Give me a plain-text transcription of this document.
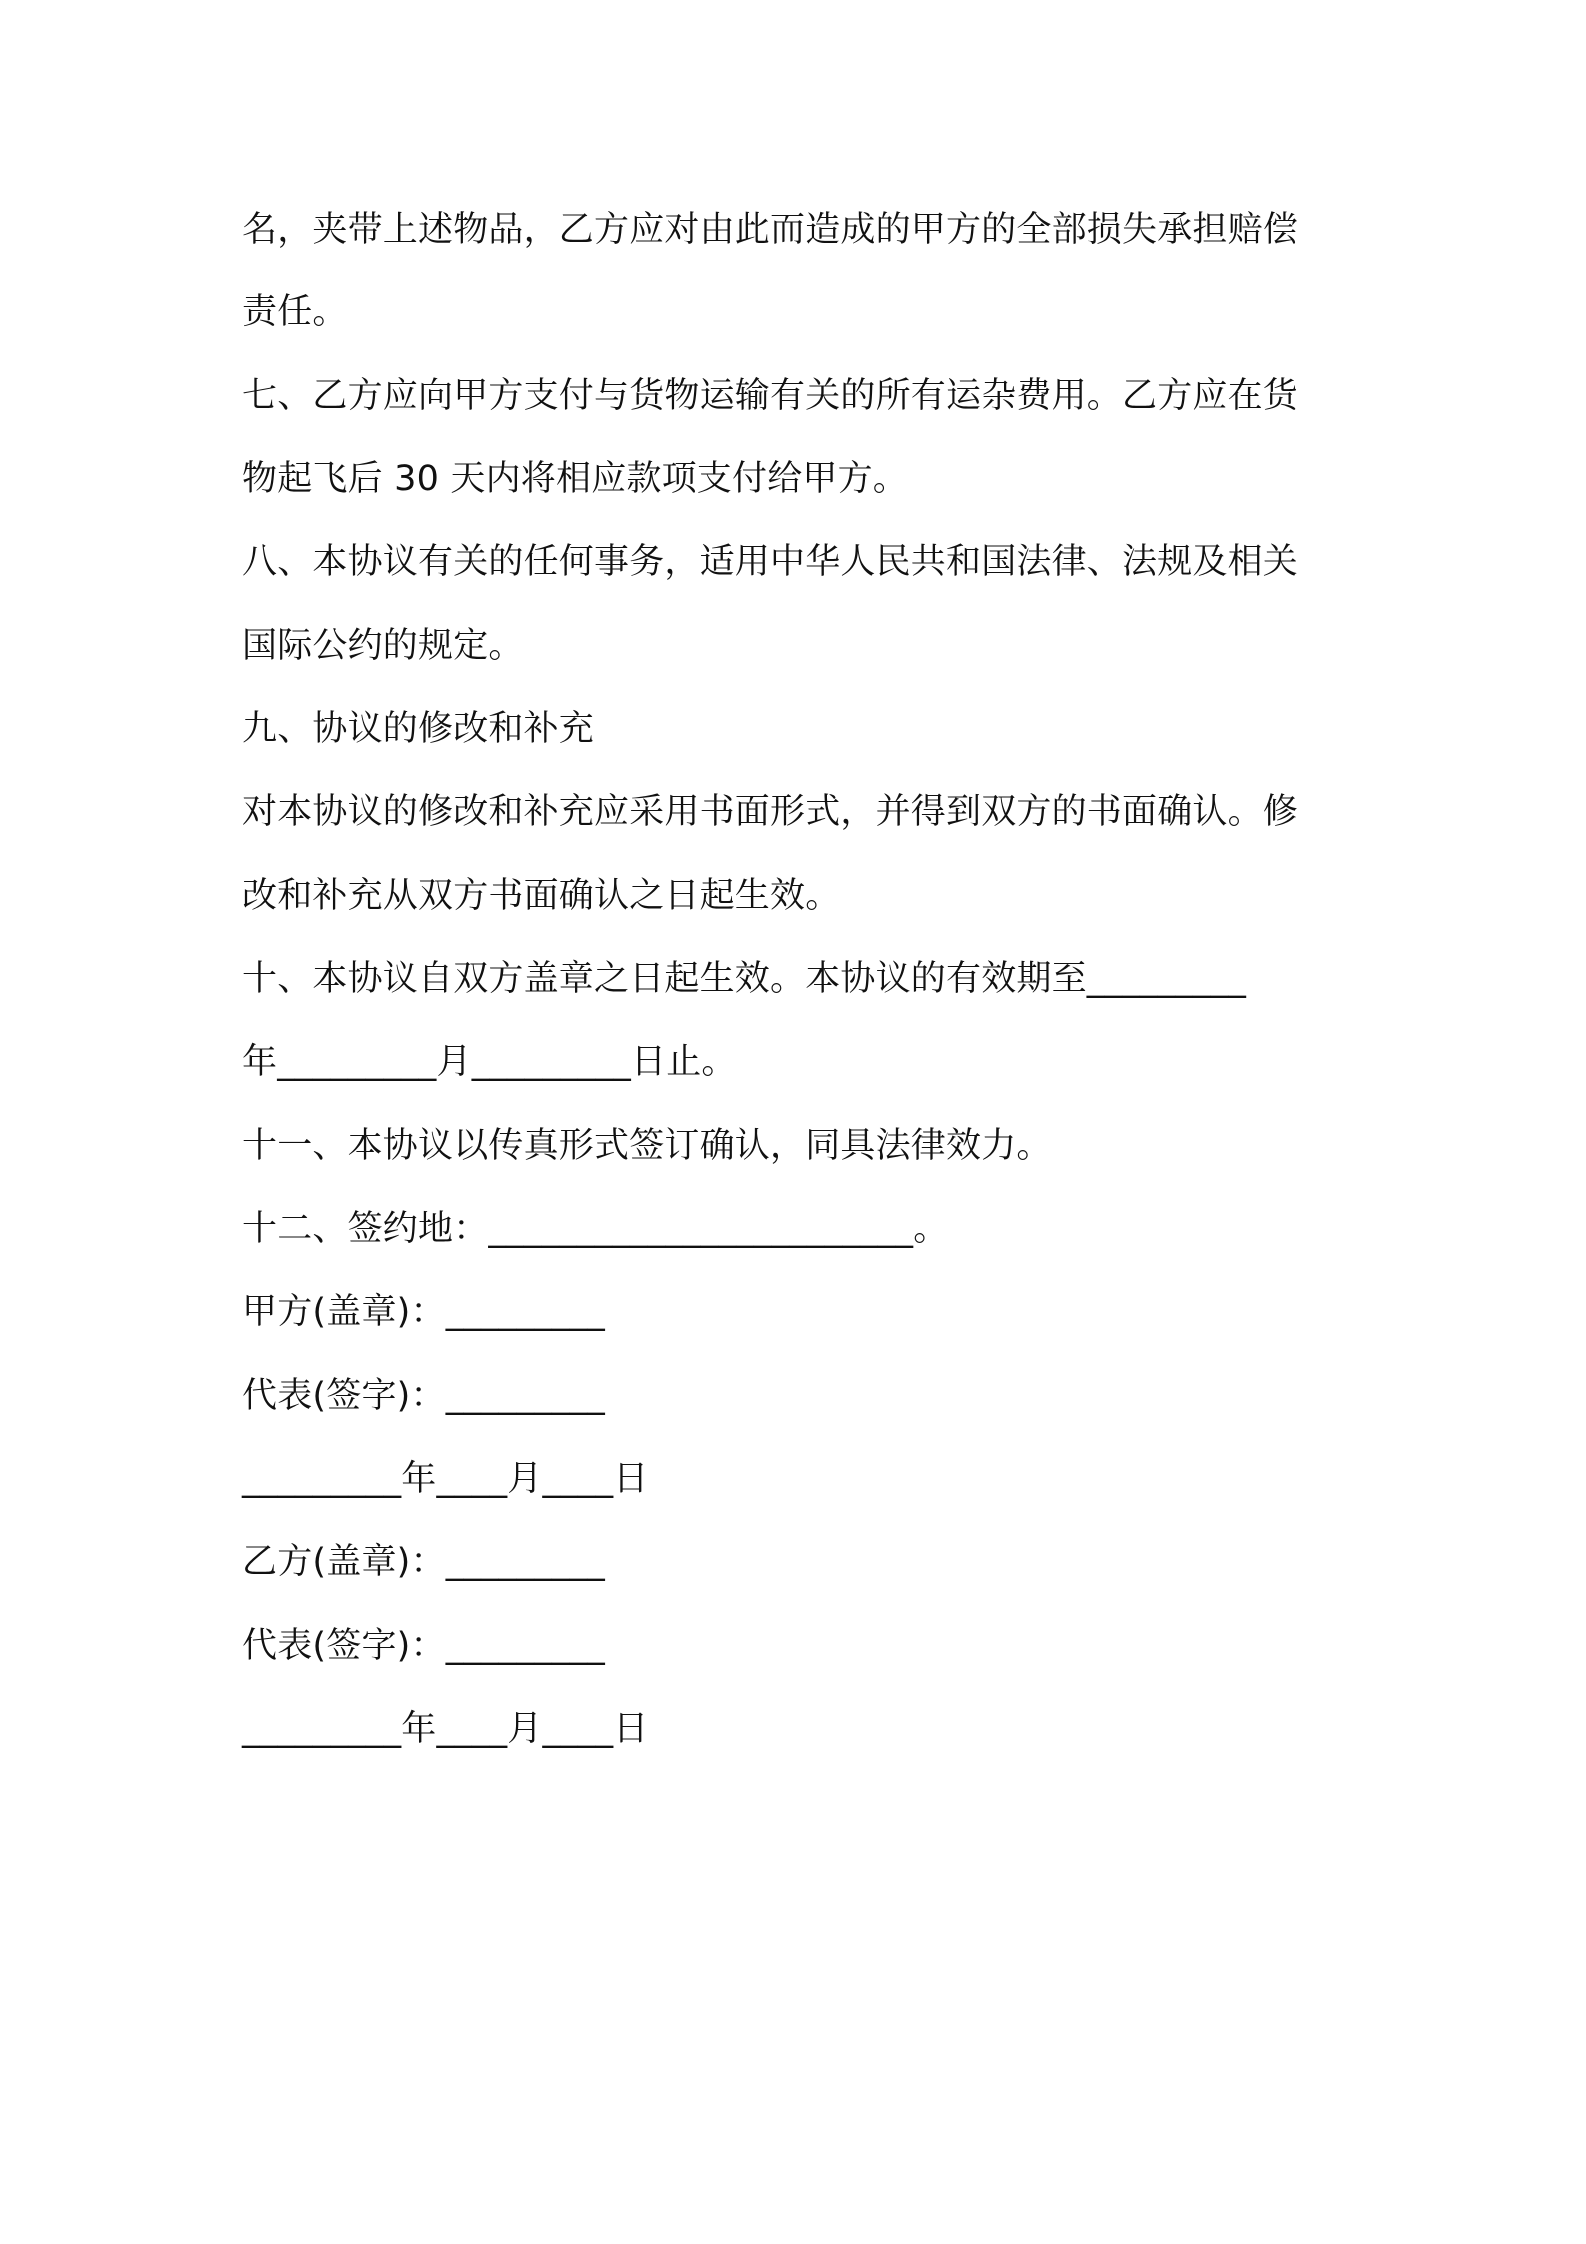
名，夹带上述物品，乙方应对由此而造成的甲方的全部损失承担赔偿
责任。
七、乙方应向甲方支付与货物运输有关的所有运杂费用。乙方应在货
物起飞后 30 天内将相应款项支付给甲方。
八、本协议有关的任何事务，适用中华人民共和国法律、法规及相关
国际公约的规定。
九、协议的修改和补充
对本协议的修改和补充应采用书面形式，并得到双方的书面确认。修
改和补充从双方书面确认之日起生效。
十、本协议自双方盖章之日起生效。本协议的有效期至_________
年_________月_________日止。
十一、本协议以传真形式签订确认，同具法律效力。
十二、签约地：________________________。
甲方(盖章)：_________
代表(签字)：_________
_________年____月____日
乙方(盖章)：_________
代表(签字)：_________
_________年____月____日
